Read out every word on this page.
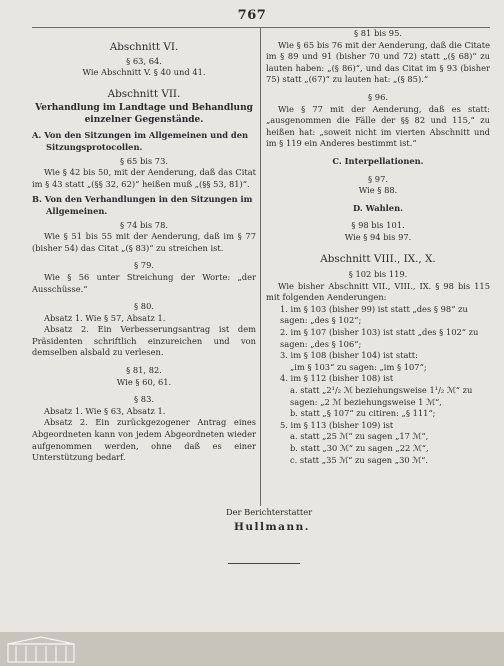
767
Abschnitt VI.
§ 63, 64.
Wie Abschnitt V. § 40 und 41.
Abschnitt VII.
Verhandlung im Landtage und Behandlung einzelner Gegenstände.
A. Von den Sitzungen im Allgemeinen und den Sitzungsprotocollen.
§ 65 bis 73.

Wie § 42 bis 50, mit der Aenderung, daß das Citat im § 43 statt „(§§ 32, 62)“ heißen muß „(§§ 53, 81)“.

B. Von den Verhandlungen in den Sitzungen im Allgemeinen.
§ 74 bis 78.

Wie § 51 bis 55 mit der Aenderung, daß im § 77 (bisher 54) das Citat „(§ 83)“ zu streichen ist.

§ 79.

Wie § 56 unter Streichung der Worte: „der Ausschüsse.“

§ 80.

Absatz 1. Wie § 57, Absatz 1.

Absatz 2. Ein Verbesserungsantrag ist dem Präsidenten schriftlich einzureichen und von demselben alsbald zu verlesen.

§ 81, 82.
Wie § 60, 61.
§ 83.

Absatz 1. Wie § 63, Absatz 1.

Absatz 2. Ein zurückgezogener Antrag eines Abgeordneten kann von jedem Abgeordneten wieder aufgenommen werden, ohne daß es einer Unterstützung bedarf.

§ 81 bis 95.

Wie § 65 bis 76 mit der Aenderung, daß die Citate im § 89 und 91 (bisher 70 und 72) statt „(§ 68)“ zu lauten haben: „(§ 86)“, und das Citat im § 93 (bisher 75) statt „(67)“ zu lauten hat: „(§ 85).“

§ 96.

Wie § 77 mit der Aenderung, daß es statt: „ausgenommen die Fälle der §§ 82 und 115,“ zu heißen hat: „soweit nicht im vierten Abschnitt und im § 119 ein Anderes bestimmt ist.“

C. Interpellationen.
§ 97.
Wie § 88.
D. Wahlen.
§ 98 bis 101.
Wie § 94 bis 97.
Abschnitt VIII., IX., X.
§ 102 bis 119.

Wie bisher Abschnitt VII., VIII., IX. § 98 bis 115 mit folgenden Aenderungen:

1. im § 103 (bisher 99) ist statt „des § 98“ zu sagen: „des § 102“;
2. im § 107 (bisher 103) ist statt „des § 102“ zu sagen: „des § 106“;
3. im § 108 (bisher 104) ist statt:
„im § 103“ zu sagen: „im § 107“;
4. im § 112 (bisher 108) ist
a. statt „2¹/₂ ℳ beziehungsweise 1¹/₂ ℳ“ zu sagen: „2 ℳ beziehungsweise 1 ℳ“,
b. statt „§ 107“ zu citiren: „§ 111“;
5. im § 113 (bisher 109) ist
a. statt „25 ℳ“ zu sagen „17 ℳ“,
b. statt „30 ℳ“ zu sagen „22 ℳ“,
c. statt „35 ℳ“ zu sagen „30 ℳ“.
Der Berichterstatter
Hullmann.
